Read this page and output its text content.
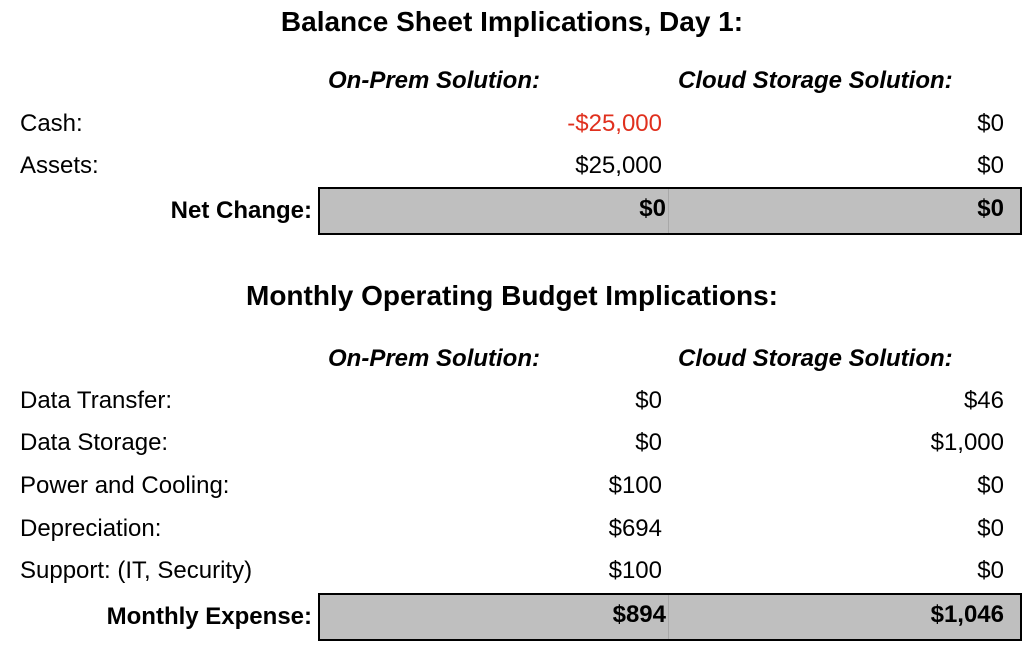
Balance Sheet Implications, Day 1:
On-Prem Solution:	Cloud Storage Solution:
Cash:	-$25,000	$0
Assets:	$25,000	$0
Net Change:	$0	$0
Monthly Operating Budget Implications:
On-Prem Solution:	Cloud Storage Solution:
Data Transfer:	$0	$46
Data Storage:	$0	$1,000
Power and Cooling:	$100	$0
Depreciation:	$694	$0
Support: (IT, Security)	$100	$0
Monthly Expense:	$894	$1,046
